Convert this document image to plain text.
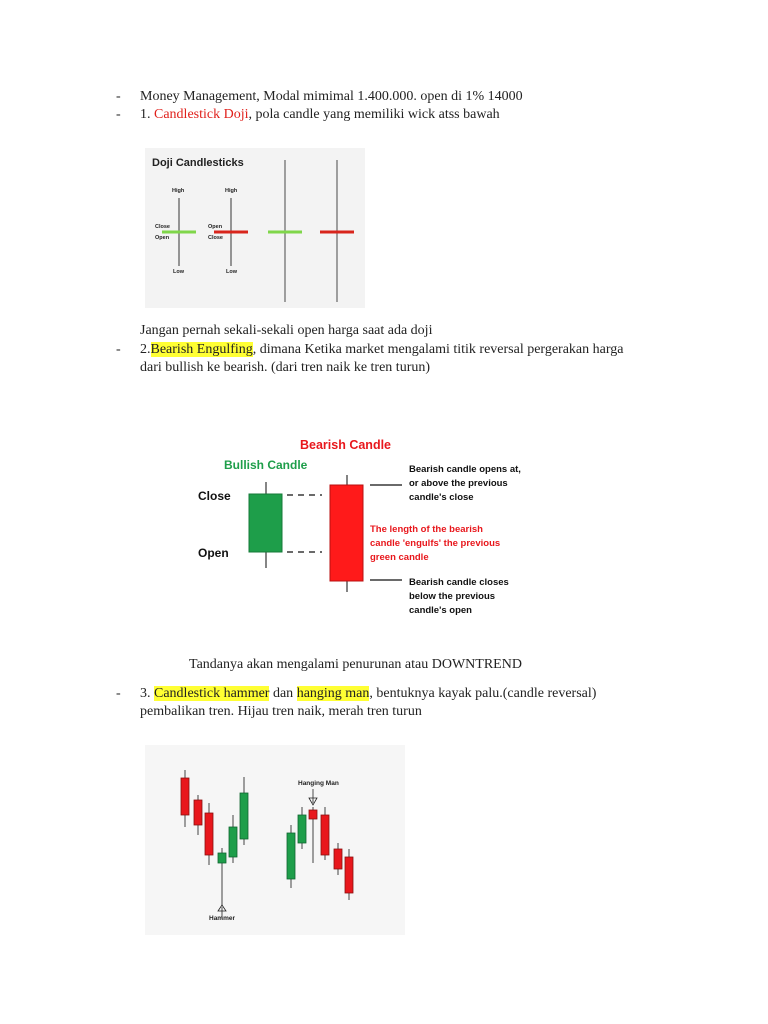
- Money Management, Modal mimimal 1.400.000. open di 1% 14000
- 1. Candlestick Doji, pola candle yang memiliki wick atss bawah
Doji Candlesticks
High
Close
Open
Low
High
Open
Close
Low
Jangan pernah sekali-sekali open harga saat ada doji
- 2.Bearish Engulfing, dimana Ketika market mengalami titik reversal pergerakan harga
dari bullish ke bearish. (dari tren naik ke tren turun)
Bearish Candle
Bullish Candle
Close
Open
Bearish candle opens at, or above the previous candle's close
The length of the bearish candle 'engulfs' the previous green candle
Bearish candle closes below the previous candle's open
Tandanya akan mengalami penurunan atau DOWNTREND
- 3. Candlestick hammer dan hanging man, bentuknya kayak palu.(candle reversal)
pembalikan tren. Hijau tren naik, merah tren turun
Hammer
Hanging Man
